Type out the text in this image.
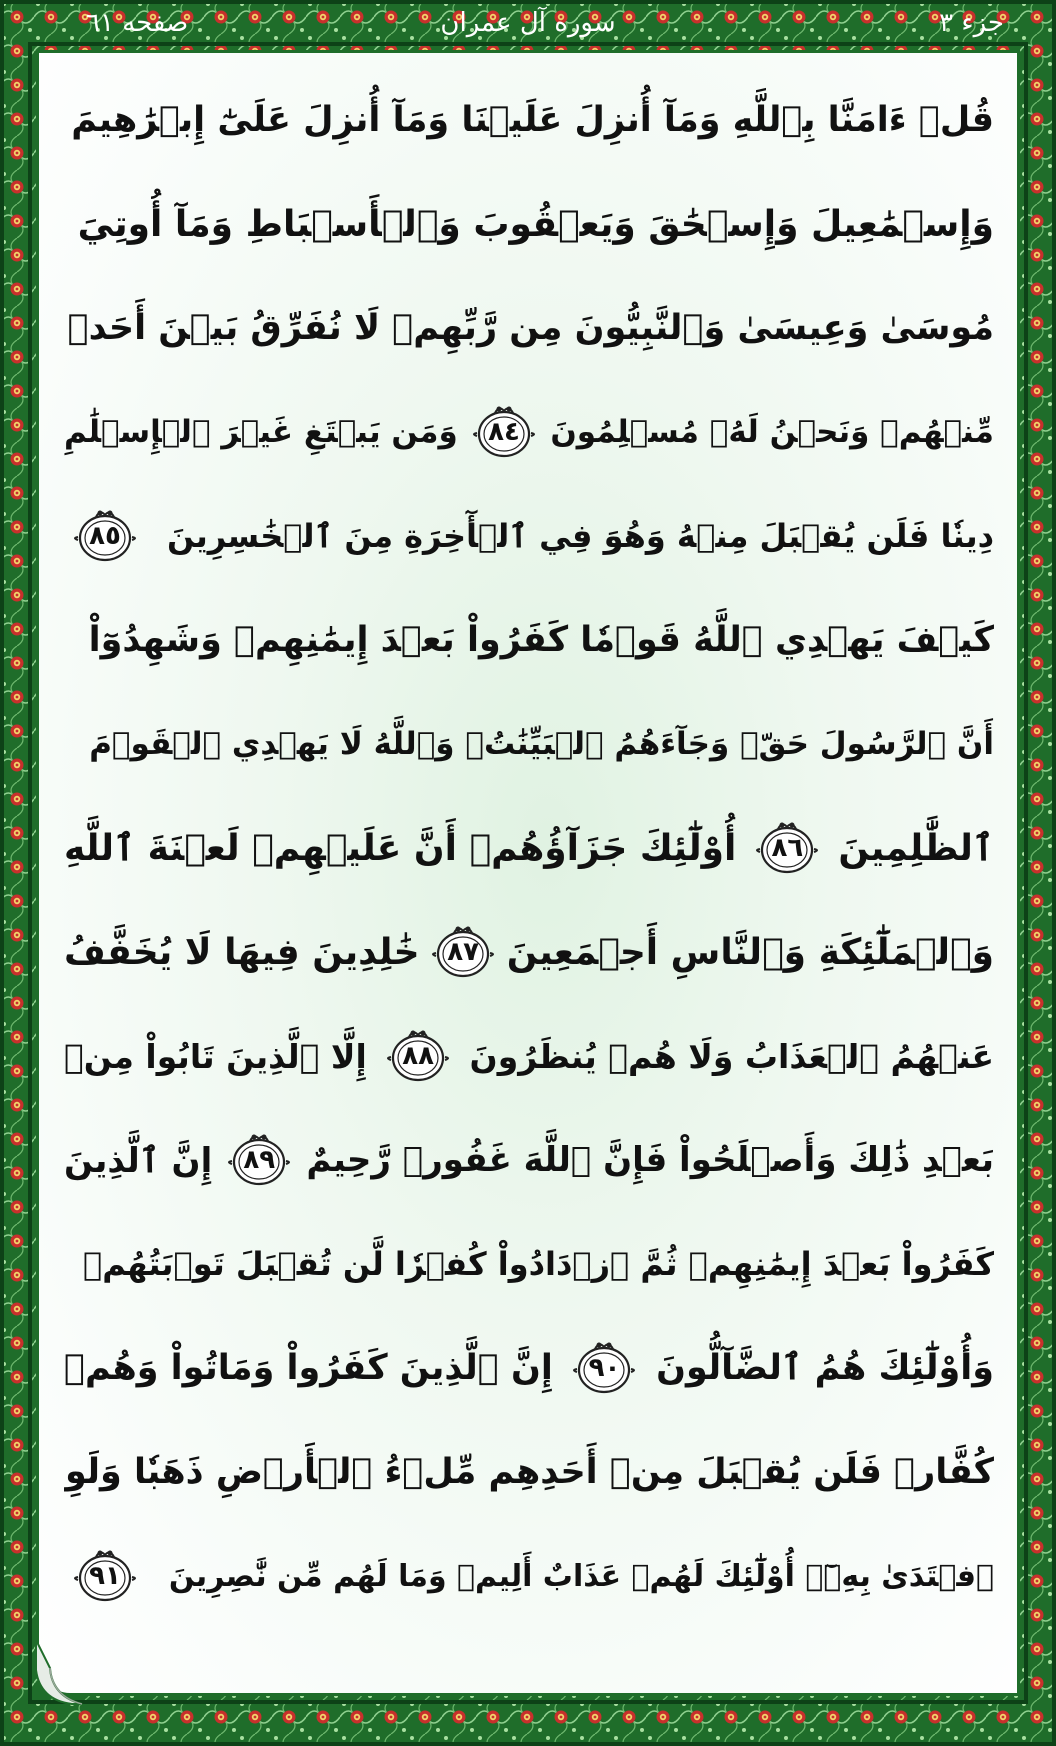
جزء ٣
سوره آل عمران
صفحه ٦١
قُلۡ ءَامَنَّا بِٱللَّهِ وَمَآ أُنزِلَ عَلَيۡنَا وَمَآ أُنزِلَ عَلَىٰٓ إِبۡرَٰهِيمَ
وَإِسۡمَٰعِيلَ وَإِسۡحَٰقَ وَيَعۡقُوبَ وَٱلۡأَسۡبَاطِ وَمَآ أُوتِيَ
مُوسَىٰ وَعِيسَىٰ وَٱلنَّبِيُّونَ مِن رَّبِّهِمۡ لَا نُفَرِّقُ بَيۡنَ أَحَدٖ
مِّنۡهُمۡ وَنَحۡنُ لَهُۥ مُسۡلِمُونَ
٨٤
وَمَن يَبۡتَغِ غَيۡرَ ٱلۡإِسۡلَٰمِ
دِينٗا فَلَن يُقۡبَلَ مِنۡهُ وَهُوَ فِي ٱلۡأٓخِرَةِ مِنَ ٱلۡخَٰسِرِينَ
٨٥
كَيۡفَ يَهۡدِي ٱللَّهُ قَوۡمٗا كَفَرُواْ بَعۡدَ إِيمَٰنِهِمۡ وَشَهِدُوٓاْ
أَنَّ ٱلرَّسُولَ حَقّٞ وَجَآءَهُمُ ٱلۡبَيِّنَٰتُۚ وَٱللَّهُ لَا يَهۡدِي ٱلۡقَوۡمَ
ٱلظَّٰلِمِينَ
٨٦
أُوْلَٰٓئِكَ جَزَآؤُهُمۡ أَنَّ عَلَيۡهِمۡ لَعۡنَةَ ٱللَّهِ
وَٱلۡمَلَٰٓئِكَةِ وَٱلنَّاسِ أَجۡمَعِينَ
٨٧
خَٰلِدِينَ فِيهَا لَا يُخَفَّفُ
عَنۡهُمُ ٱلۡعَذَابُ وَلَا هُمۡ يُنظَرُونَ
٨٨
إِلَّا ٱلَّذِينَ تَابُواْ مِنۢ
بَعۡدِ ذَٰلِكَ وَأَصۡلَحُواْ فَإِنَّ ٱللَّهَ غَفُورٞ رَّحِيمٌ
٨٩
إِنَّ ٱلَّذِينَ
كَفَرُواْ بَعۡدَ إِيمَٰنِهِمۡ ثُمَّ ٱزۡدَادُواْ كُفۡرٗا لَّن تُقۡبَلَ تَوۡبَتُهُمۡ
وَأُوْلَٰٓئِكَ هُمُ ٱلضَّآلُّونَ
٩٠
إِنَّ ٱلَّذِينَ كَفَرُواْ وَمَاتُواْ وَهُمۡ
كُفَّارٞ فَلَن يُقۡبَلَ مِنۡ أَحَدِهِم مِّلۡءُ ٱلۡأَرۡضِ ذَهَبٗا وَلَوِ
ٱفۡتَدَىٰ بِهِۦٓۗ أُوْلَٰٓئِكَ لَهُمۡ عَذَابٌ أَلِيمٞ وَمَا لَهُم مِّن نَّٰصِرِينَ
٩١
